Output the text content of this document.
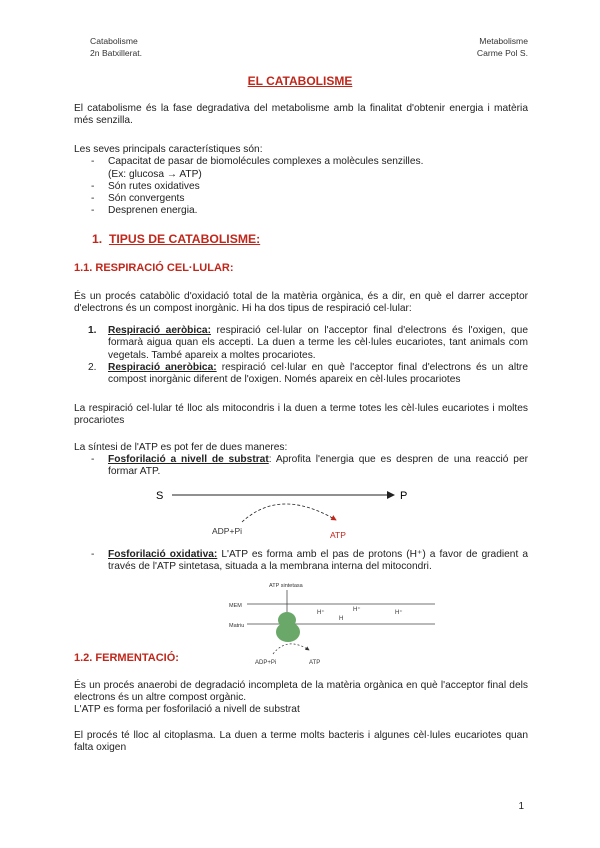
Catabolisme
2n Batxillerat.
Metabolisme
Carme Pol S.
EL CATABOLISME
El catabolisme és la fase degradativa del metabolisme amb la finalitat d'obtenir energia i matèria més senzilla.
Les seves principals característiques són:
- Capacitat de pasar de biomolécules complexes a molècules senzilles.
(Ex: glucosa → ATP)
- Són rutes oxidatives
- Són convergents
- Desprenen energia.
1. TIPUS DE CATABOLISME:
1.1. RESPIRACIÓ CEL·LULAR:
És un procés catabòlic d'oxidació total de la matèria orgànica, és a dir, en què el darrer acceptor d'electrons és un compost inorgànic. Hi ha dos tipus de respiració cel·lular:
1. Respiració aeròbica: respiració cel·lular on l'acceptor final d'electrons és l'oxigen, que formarà aigua quan els accepti. La duen a terme les cèl·lules eucariotes, tant animals com vegetals. També apareix a moltes procariotes.
2. Respiració aneròbica: respiració cel·lular en què l'acceptor final d'electrons és un altre compost inorgànic diferent de l'oxigen. Només apareix en cèl·lules procariotes
La respiració cel·lular té lloc als mitocondris i la duen a terme totes les cèl·lules eucariotes i moltes procariotes
La síntesi de l'ATP es pot fer de dues maneres:
- Fosforilació a nivell de substrat: Aprofita l'energia que es despren de una reacció per formar ATP.
S	P
ADP+Pi	ATP
- Fosforilació oxidativa: L'ATP es forma amb el pas de protons (H⁺) a favor de gradient a través de l'ATP sintetasa, situada a la membrana interna del mitocondri.
ATP sintetasa
MEM
Matriu
H⁺	H⁺
H
H⁺
ADP+Pi	ATP
1.2. FERMENTACIÓ:
És un procés anaerobi de degradació incompleta de la matèria orgànica en què l'acceptor final dels electrons és un altre compost orgànic.
L'ATP es forma per fosforilació a nivell de substrat
El procés té lloc al citoplasma. La duen a terme molts bacteris i algunes cèl·lules eucariotes quan falta oxigen
1
